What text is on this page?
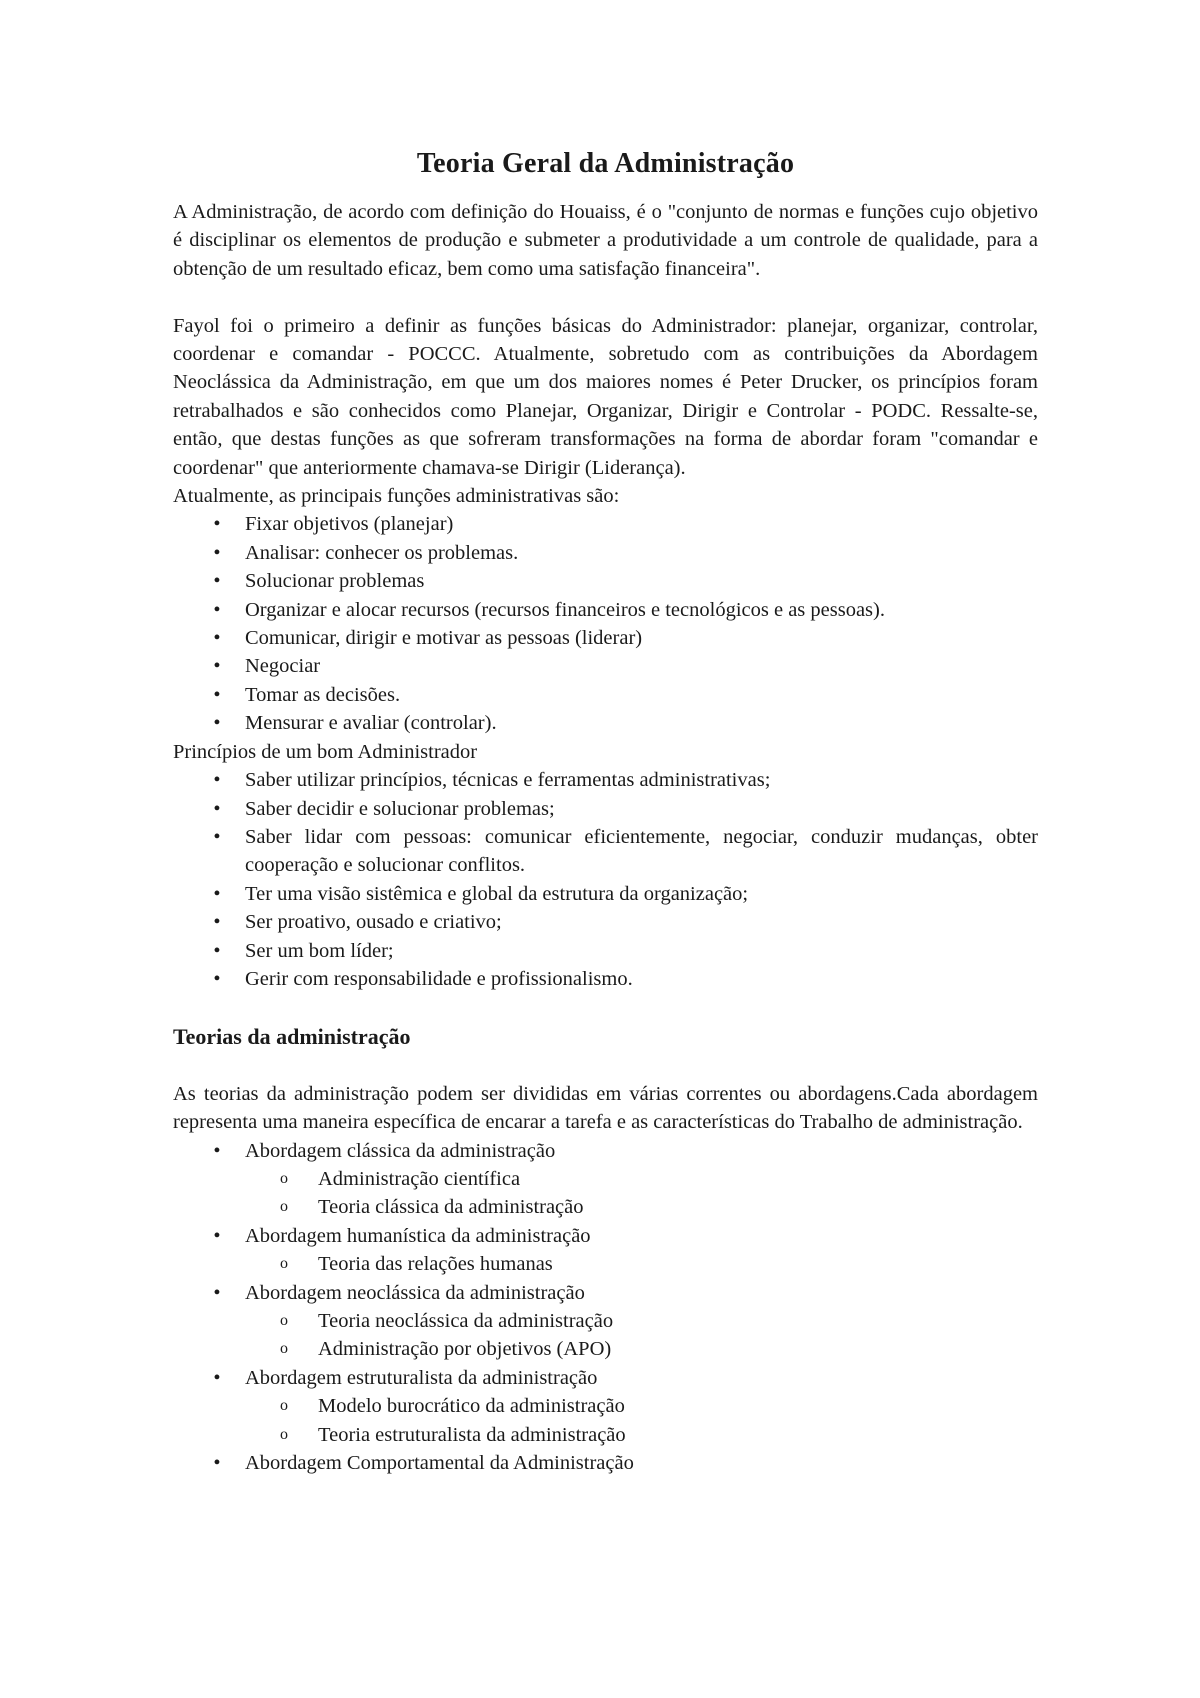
Teoria Geral da Administração

A Administração, de acordo com definição do Houaiss, é o "conjunto de normas e funções cujo objetivo é disciplinar os elementos de produção e submeter a produtividade a um controle de qualidade, para a obtenção de um resultado eficaz, bem como uma satisfação financeira".

Fayol foi o primeiro a definir as funções básicas do Administrador: planejar, organizar, controlar, coordenar e comandar - POCCC. Atualmente, sobretudo com as contribuições da Abordagem Neoclássica da Administração, em que um dos maiores nomes é Peter Drucker, os princípios foram retrabalhados e são conhecidos como Planejar, Organizar, Dirigir e Controlar - PODC. Ressalte-se, então, que destas funções as que sofreram transformações na forma de abordar foram "comandar e coordenar" que anteriormente chamava-se Dirigir (Liderança).

Atualmente, as principais funções administrativas são:

•	Fixar objetivos (planejar)
•	Analisar: conhecer os problemas.
•	Solucionar problemas
•	Organizar e alocar recursos (recursos financeiros e tecnológicos e as pessoas).
•	Comunicar, dirigir e motivar as pessoas (liderar)
•	Negociar
•	Tomar as decisões.
•	Mensurar e avaliar (controlar).

Princípios de um bom Administrador

•	Saber utilizar princípios, técnicas e ferramentas administrativas;
•	Saber decidir e solucionar problemas;
•	Saber lidar com pessoas: comunicar eficientemente, negociar, conduzir mudanças, obter cooperação e solucionar conflitos.
•	Ter uma visão sistêmica e global da estrutura da organização;
•	Ser proativo, ousado e criativo;
•	Ser um bom líder;
•	Gerir com responsabilidade e profissionalismo.
Teorias da administração

As teorias da administração podem ser divididas em várias correntes ou abordagens.Cada abordagem representa uma maneira específica de encarar a tarefa e as características do Trabalho de administração.

•	Abordagem clássica da administração
o Administração científica
o Teoria clássica da administração
•	Abordagem humanística da administração
o Teoria das relações humanas
•	Abordagem neoclássica da administração
o Teoria neoclássica da administração
o Administração por objetivos (APO)
•	Abordagem estruturalista da administração
o Modelo burocrático da administração
o Teoria estruturalista da administração
•	Abordagem Comportamental da Administração
